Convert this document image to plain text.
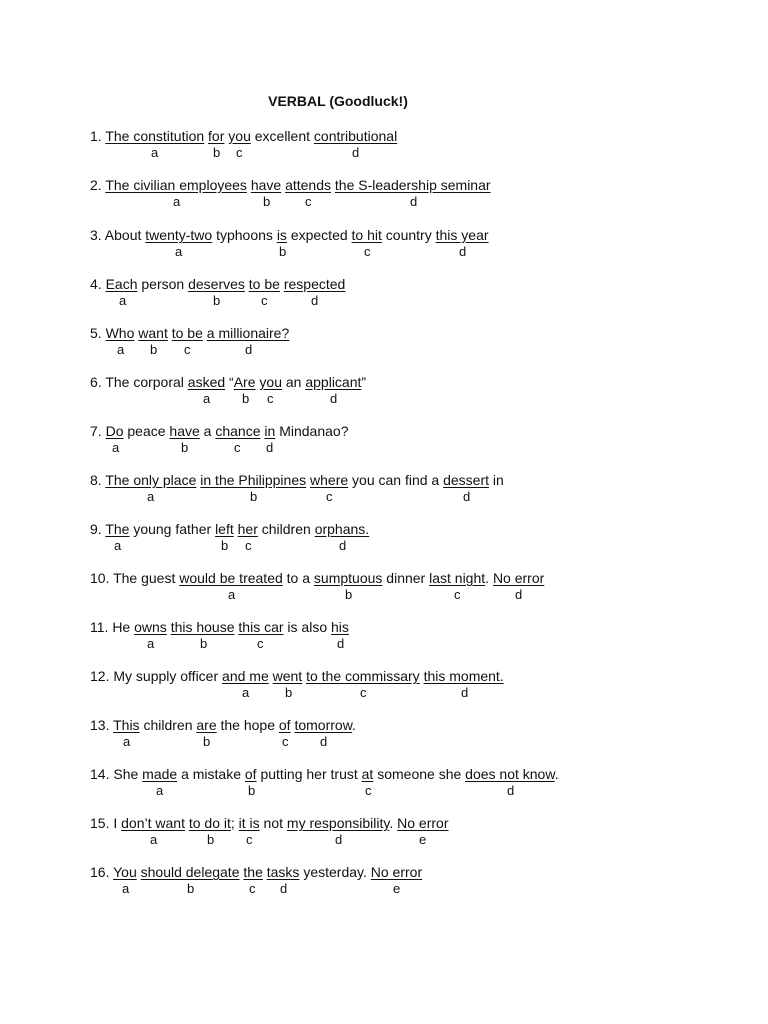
VERBAL (Goodluck!)
1. The constitution for you excellent contributional
a	b c	d
2. The civilian employees have attends the S-leadership seminar
a	b	c	d
3. About twenty-two typhoons is expected to hit country this year
a	b	c	d
4. Each person deserves to be respected
a	b	c	d
5. Who want to be a millionaire?
a b c	d
6. The corporal asked “Are you an applicant”
a b c	d
7. Do peace have a chance in Mindanao?
a	b	c d
8. The only place in the Philippines where you can find a dessert in
a	b	c	d
9. The young father left her children orphans.
a	b c	d
10. The guest would be treated to a sumptuous dinner last night. No error
a	b	c	d
11. He owns this house this car is also his
a	b	c	d
12. My supply officer and me went to the commissary this moment.
a	b	c	d
13. This children are the hope of tomorrow.
a	b	c d
14. She made a mistake of putting her trust at someone she does not know.
a	b	c	d
15. I don’t want to do it; it is not my responsibility. No error
a	b c	d	e
16. You should delegate the tasks yesterday. No error
a	b	c d	e
